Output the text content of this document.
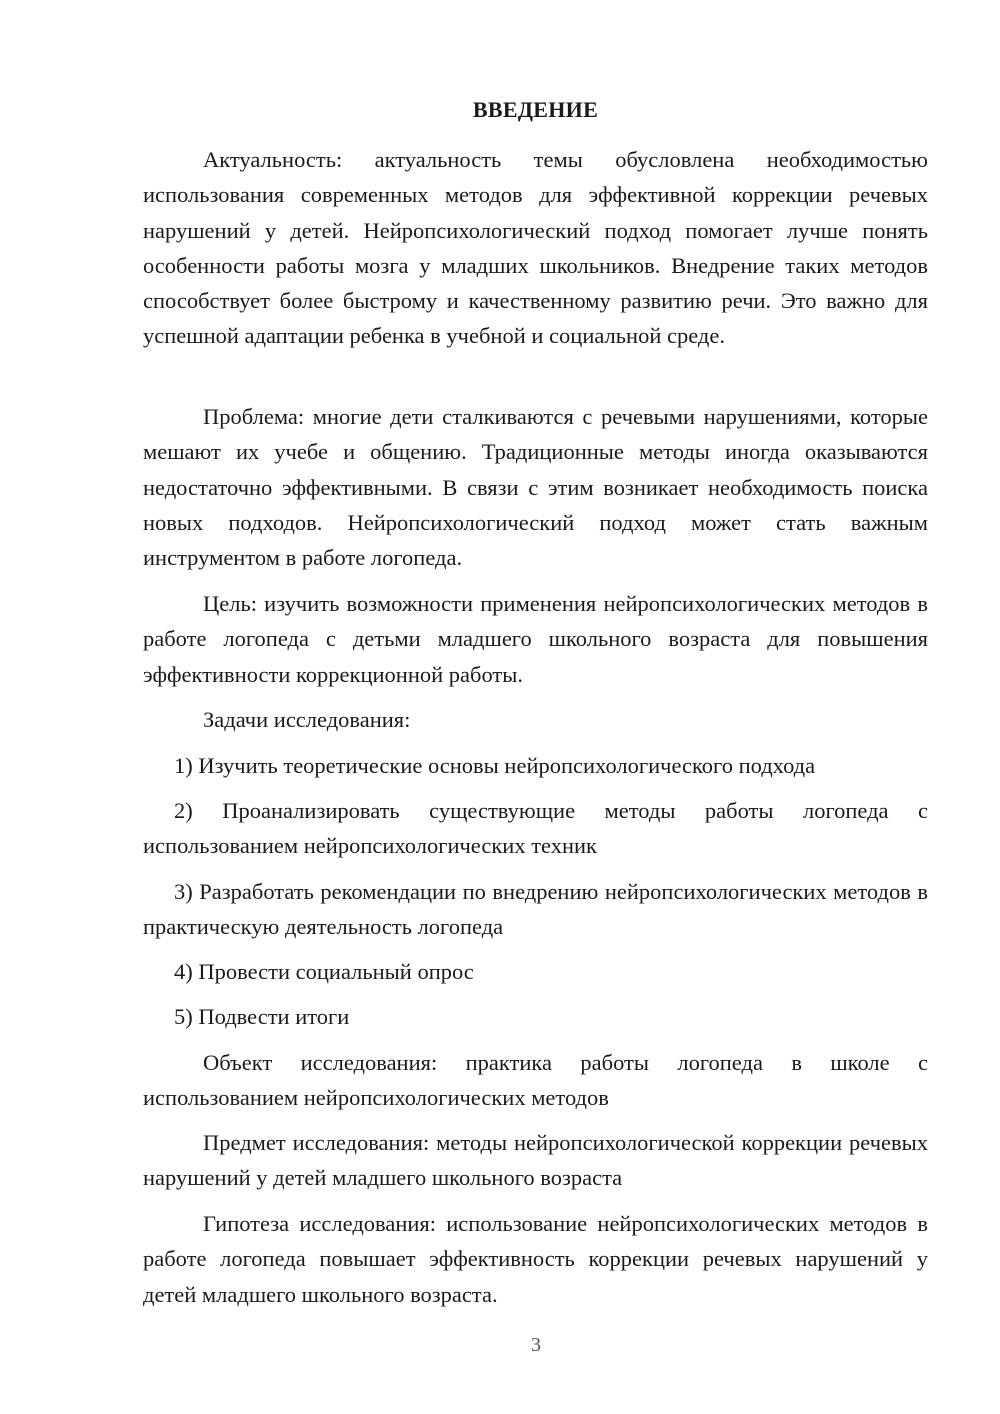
ВВЕДЕНИЕ

Актуальность: актуальность темы обусловлена необходимостью использования современных методов для эффективной коррекции речевых нарушений у детей. Нейропсихологический подход помогает лучше понять особенности работы мозга у младших школьников. Внедрение таких методов способствует более быстрому и качественному развитию речи. Это важно для успешной адаптации ребенка в учебной и социальной среде.

Проблема: многие дети сталкиваются с речевыми нарушениями, которые мешают их учебе и общению. Традиционные методы иногда оказываются недостаточно эффективными. В связи с этим возникает необходимость поиска новых подходов. Нейропсихологический подход может стать важным инструментом в работе логопеда.

Цель: изучить возможности применения нейропсихологических методов в работе логопеда с детьми младшего школьного возраста для повышения эффективности коррекционной работы.

Задачи исследования:

1) Изучить теоретические основы нейропсихологического подхода

2) Проанализировать существующие методы работы логопеда с использованием нейропсихологических техник

3) Разработать рекомендации по внедрению нейропсихологических методов в практическую деятельность логопеда

4) Провести социальный опрос

5) Подвести итоги

Объект исследования: практика работы логопеда в школе с использованием нейропсихологических методов

Предмет исследования: методы нейропсихологической коррекции речевых нарушений у детей младшего школьного возраста

Гипотеза исследования: использование нейропсихологических методов в работе логопеда повышает эффективность коррекции речевых нарушений у детей младшего школьного возраста.

3
